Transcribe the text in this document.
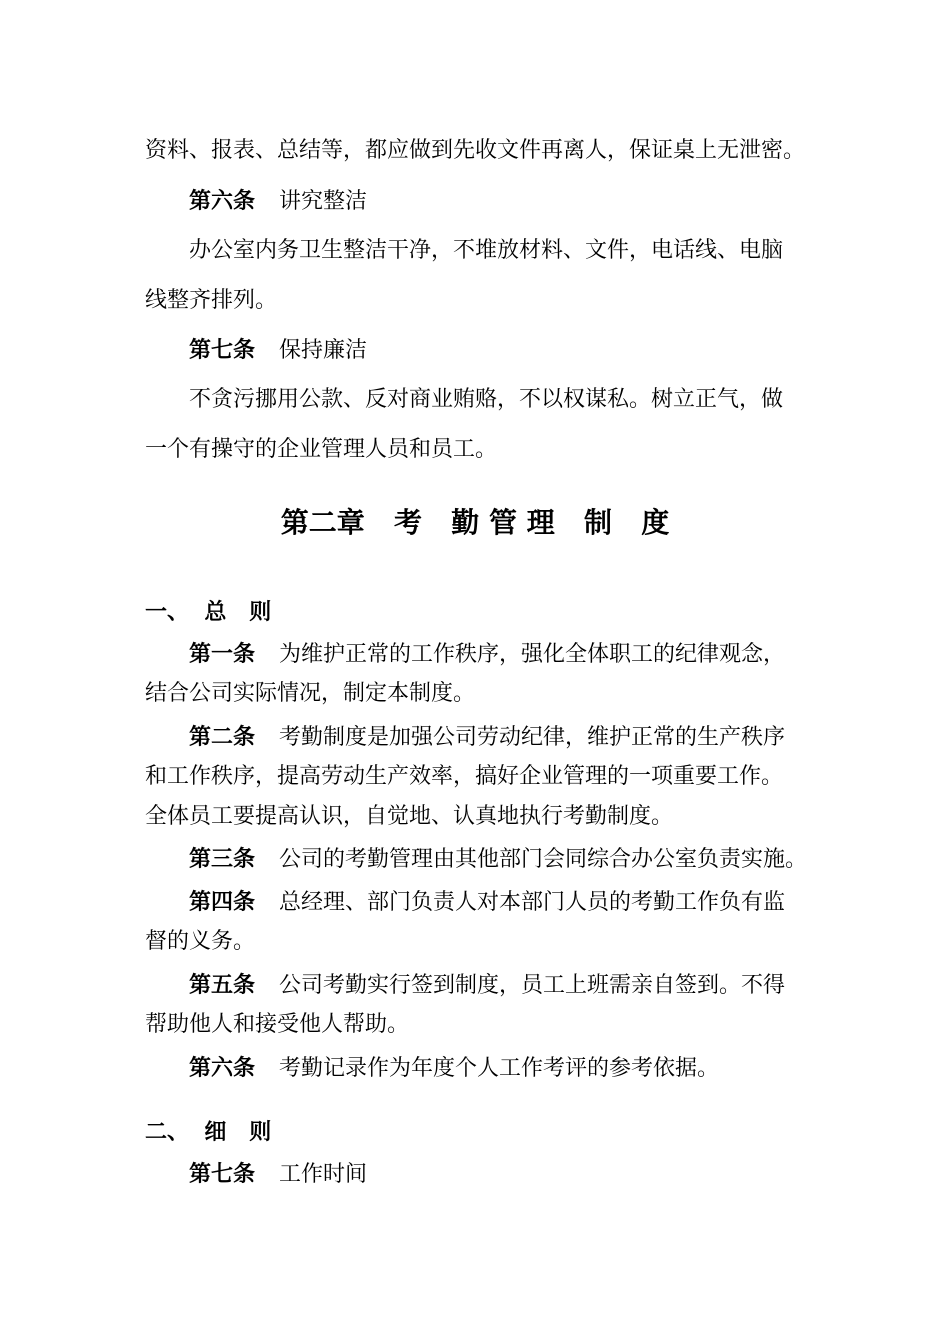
资料、报表、总结等，都应做到先收文件再离人，保证桌上无泄密。
第六条 讲究整洁
办公室内务卫生整洁干净，不堆放材料、文件，电话线、电脑
线整齐排列。
第七条 保持廉洁
不贪污挪用公款、反对商业贿赂，不以权谋私。树立正气，做
一个有操守的企业管理人员和员工。
第二章   考   勤 管 理   制   度
一、  总   则
第一条 为维护正常的工作秩序，强化全体职工的纪律观念，
结合公司实际情况，制定本制度。
第二条 考勤制度是加强公司劳动纪律，维护正常的生产秩序
和工作秩序，提高劳动生产效率，搞好企业管理的一项重要工作。
全体员工要提高认识，自觉地、认真地执行考勤制度。
第三条 公司的考勤管理由其他部门会同综合办公室负责实施。
第四条 总经理、部门负责人对本部门人员的考勤工作负有监
督的义务。
第五条 公司考勤实行签到制度，员工上班需亲自签到。不得
帮助他人和接受他人帮助。
第六条 考勤记录作为年度个人工作考评的参考依据。
二、  细   则
第七条 工作时间
